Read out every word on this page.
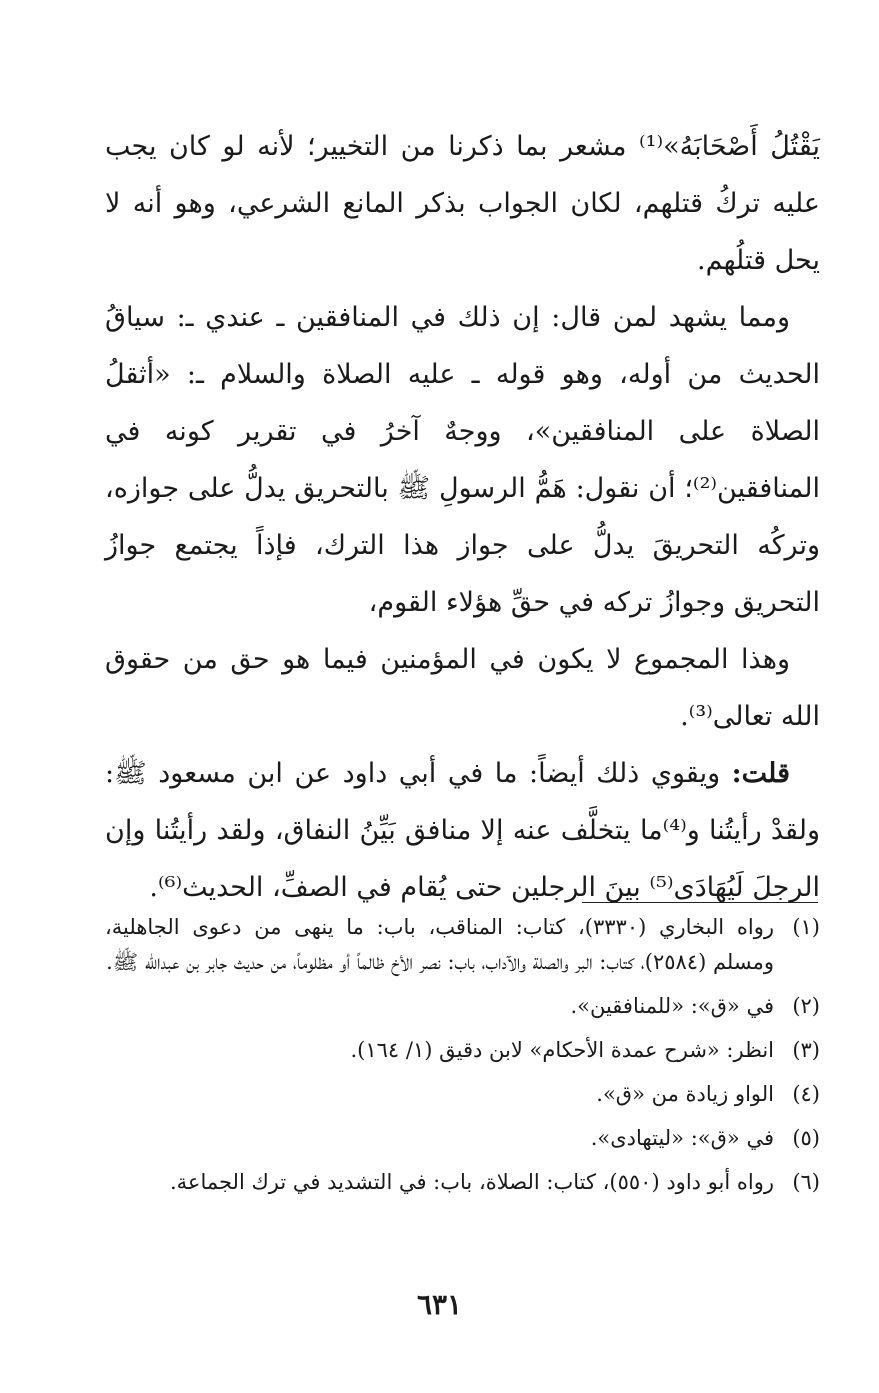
يَقْتُلُ أَصْحَابَهُ»⁽¹⁾ مشعر بما ذكرنا من التخيير؛ لأنه لو كان يجب عليه تركُ قتلهم، لكان الجواب بذكر المانع الشرعي، وهو أنه لا يحل قتلُهم.

ومما يشهد لمن قال: إن ذلك في المنافقين ـ عندي ـ: سياقُ الحديث من أوله، وهو قوله ـ عليه الصلاة والسلام ـ: «أثقلُ الصلاة على المنافقين»، ووجهٌ آخرُ في تقرير كونه في المنافقين⁽²⁾؛ أن نقول: هَمُّ الرسولِ ﷺ بالتحريق يدلُّ على جوازه، وتركُه التحريقَ يدلُّ على جواز هذا الترك، فإذاً يجتمع جوازُ التحريق وجوازُ تركه في حقِّ هؤلاء القوم،

وهذا المجموع لا يكون في المؤمنين فيما هو حق من حقوق الله تعالى⁽³⁾.

قلت: ويقوي ذلك أيضاً: ما في أبي داود عن ابن مسعود ﷺ: ولقدْ رأيتُنا و⁽⁴⁾ما يتخلَّف عنه إلا منافق بَيِّنُ النفاق، ولقد رأيتُنا وإن الرجلَ لَيُهَادَى⁽⁵⁾ بينَ الرجلين حتى يُقام في الصفِّ، الحديث⁽⁶⁾.

(١)
رواه البخاري (٣٣٣٠)، كتاب: المناقب، باب: ما ينهى من دعوى الجاهلية، ومسلم (٢٥٨٤)، كتاب: البر والصلة والآداب، باب: نصر الأخ ظالماً أو مظلوماً، من حديث جابر بن عبدالله ﷺ.
(٢)
في «ق»: «للمنافقين».
(٣)
انظر: «شرح عمدة الأحكام» لابن دقيق (١/ ١٦٤).
(٤)
الواو زيادة من «ق».
(٥)
في «ق»: «ليتهادى».
(٦)
رواه أبو داود (٥٥٠)، كتاب: الصلاة، باب: في التشديد في ترك الجماعة.
٦٣١
